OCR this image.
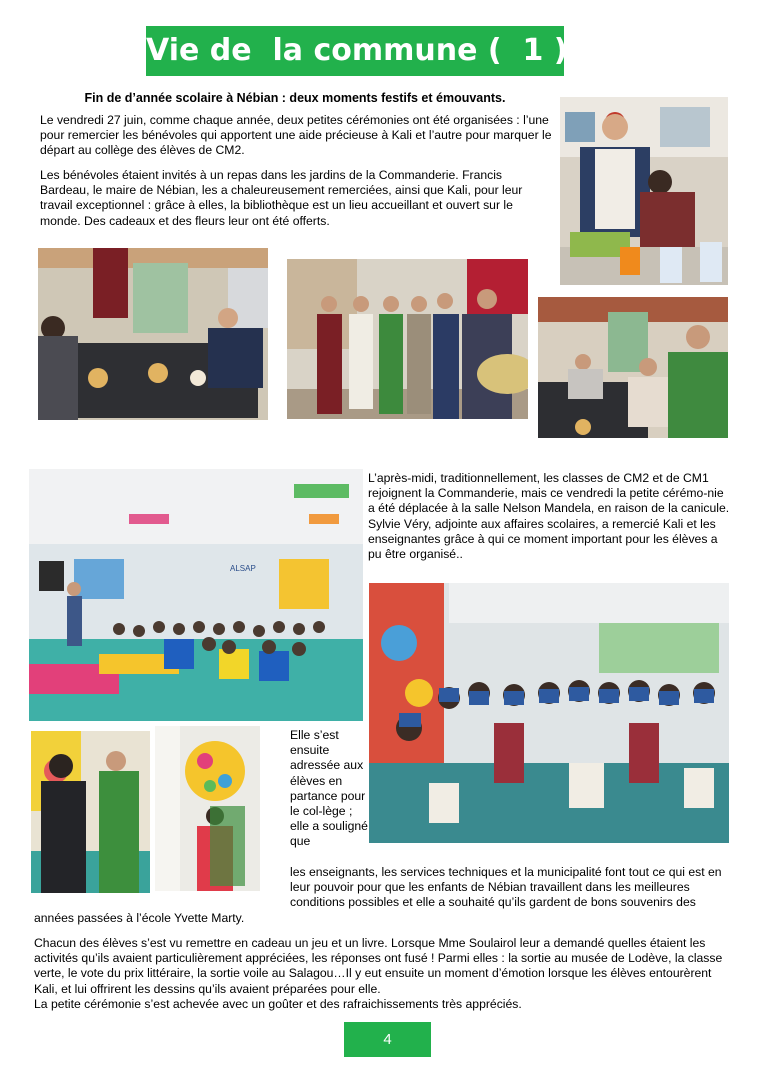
Vie de  la commune (  1 )
Fin de d’année scolaire à Nébian : deux moments festifs et émouvants.

Le vendredi 27 juin, comme chaque année, deux petites cérémonies ont été organisées : l’une pour remercier les bénévoles qui apportent une aide précieuse à Kali et l’autre pour marquer le départ au collège des élèves de CM2.

Les bénévoles étaient invités à un repas dans les jardins de la Commanderie. Francis Bardeau, le maire de Nébian, les a chaleureusement remerciées, ainsi que Kali, pour leur travail exceptionnel : grâce à elles, la bibliothèque est un lieu accueillant et ouvert sur le monde. Des cadeaux et des fleurs leur ont été offerts.

ALSAP

L’après-midi, traditionnellement, les classes de CM2 et de CM1 rejoignent la Commanderie, mais ce vendredi la petite cérémo-nie a été déplacée à la salle Nelson Mandela, en raison de la canicule. Sylvie Véry, adjointe aux affaires scolaires, a remercié Kali et les enseignantes grâce à qui ce moment important pour les élèves a pu être organisé..

Elle s’est ensuite adressée aux élèves en partance pour le col-lège ; elle a souligné que

les enseignants, les services techniques et la municipalité font tout ce qui est en leur pouvoir pour que les enfants de Nébian travaillent dans les meilleures conditions possibles et elle a souhaité qu’ils gardent de bons souvenirs des

années passées à l’école Yvette Marty.

Chacun des élèves s’est vu remettre en cadeau un jeu et un livre. Lorsque Mme Soulairol leur a demandé quelles étaient les activités qu’ils avaient particulièrement appréciées, les réponses ont fusé ! Parmi elles : la sortie au musée de Lodève, la classe verte, le vote du prix littéraire, la sortie voile au Salagou…Il y eut ensuite un moment d’émotion lorsque les élèves entourèrent Kali, et lui offrirent les dessins qu’ils avaient préparées pour elle.

La petite cérémonie s’est achevée avec un goûter et des rafraichissements très appréciés.

4
